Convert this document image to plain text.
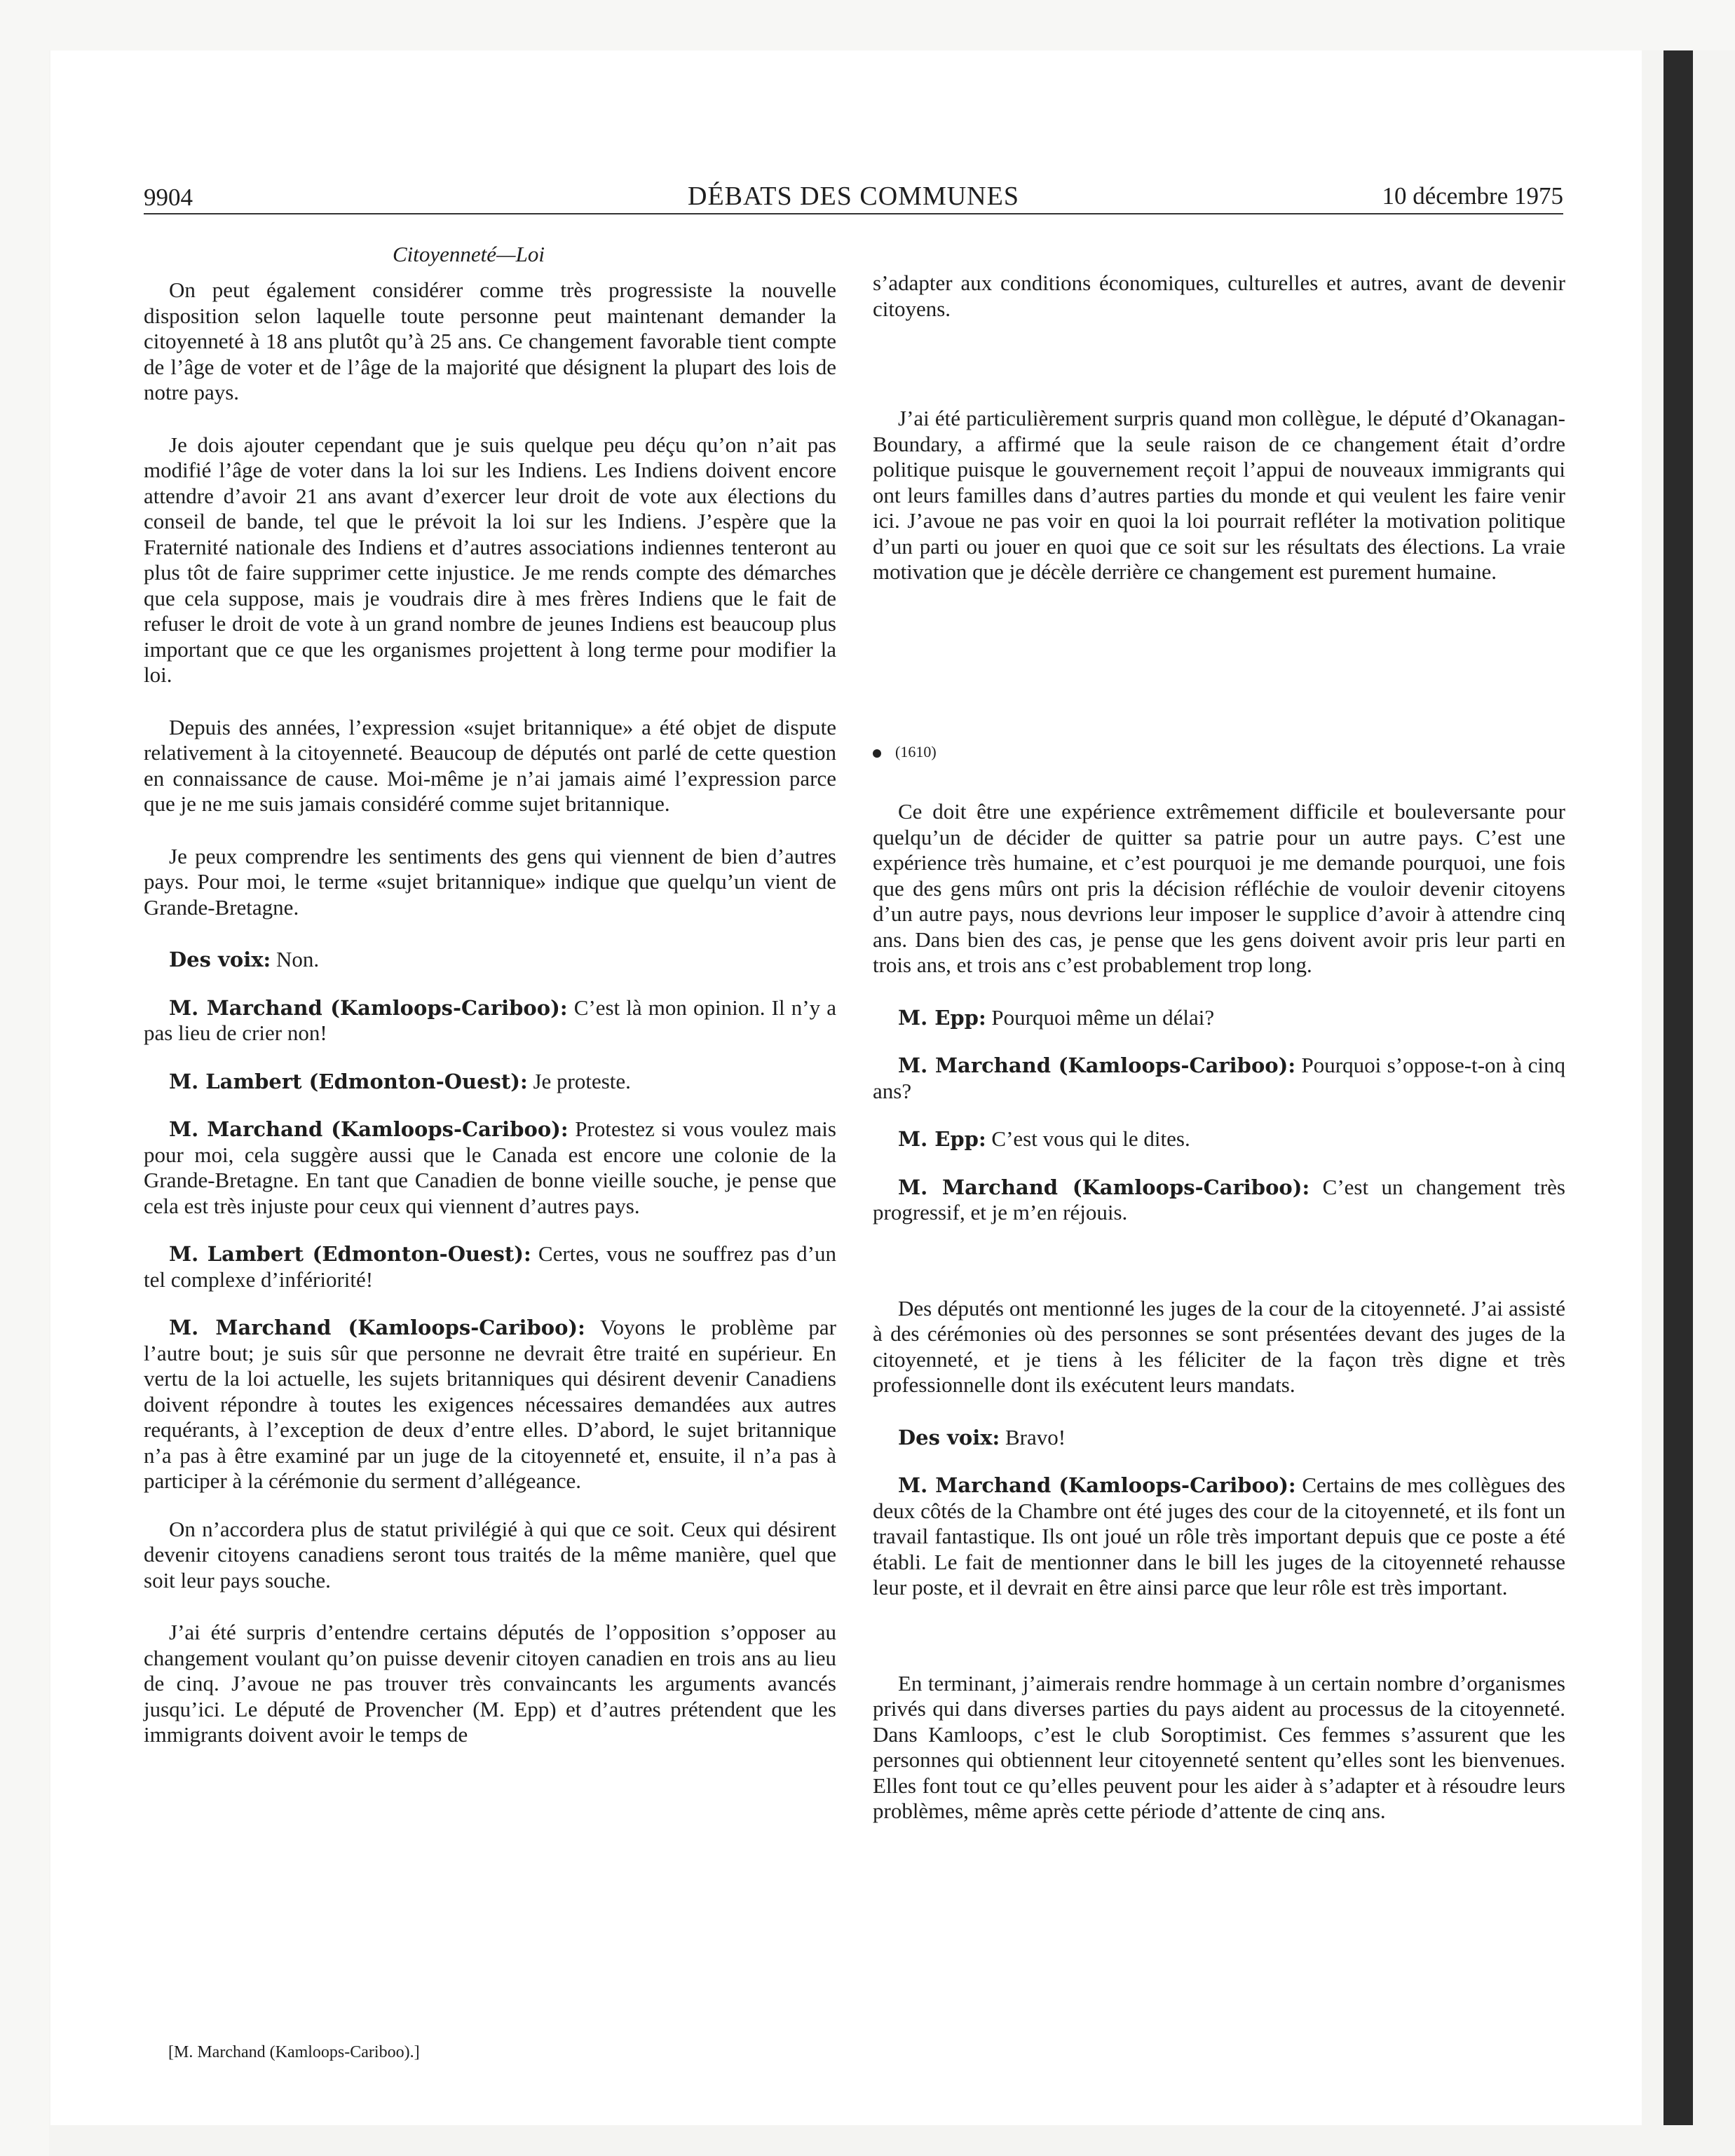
9904	DÉBATS DES COMMUNES	10 décembre 1975
Citoyenneté—Loi

On peut également considérer comme très progressiste la nouvelle disposition selon laquelle toute personne peut maintenant demander la citoyenneté à 18 ans plutôt qu’à 25 ans. Ce changement favorable tient compte de l’âge de voter et de l’âge de la majorité que désignent la plupart des lois de notre pays.

Je dois ajouter cependant que je suis quelque peu déçu qu’on n’ait pas modifié l’âge de voter dans la loi sur les Indiens. Les Indiens doivent encore attendre d’avoir 21 ans avant d’exercer leur droit de vote aux élections du conseil de bande, tel que le prévoit la loi sur les Indiens. J’espère que la Fraternité nationale des Indiens et d’autres associations indiennes tenteront au plus tôt de faire supprimer cette injustice. Je me rends compte des démarches que cela suppose, mais je voudrais dire à mes frères Indiens que le fait de refuser le droit de vote à un grand nombre de jeunes Indiens est beaucoup plus important que ce que les organismes projettent à long terme pour modifier la loi.

Depuis des années, l’expression «sujet britannique» a été objet de dispute relativement à la citoyenneté. Beaucoup de députés ont parlé de cette question en connaissance de cause. Moi-même je n’ai jamais aimé l’expression parce que je ne me suis jamais considéré comme sujet britannique.

Je peux comprendre les sentiments des gens qui viennent de bien d’autres pays. Pour moi, le terme «sujet britannique» indique que quelqu’un vient de Grande-Bretagne.

Des voix: Non.

M. Marchand (Kamloops-Cariboo): C’est là mon opinion. Il n’y a pas lieu de crier non!

M. Lambert (Edmonton-Ouest): Je proteste.

M. Marchand (Kamloops-Cariboo): Protestez si vous voulez mais pour moi, cela suggère aussi que le Canada est encore une colonie de la Grande-Bretagne. En tant que Canadien de bonne vieille souche, je pense que cela est très injuste pour ceux qui viennent d’autres pays.

M. Lambert (Edmonton-Ouest): Certes, vous ne souffrez pas d’un tel complexe d’infériorité!

M. Marchand (Kamloops-Cariboo): Voyons le problème par l’autre bout; je suis sûr que personne ne devrait être traité en supérieur. En vertu de la loi actuelle, les sujets britanniques qui désirent devenir Canadiens doivent répondre à toutes les exigences nécessaires demandées aux autres requérants, à l’exception de deux d’entre elles. D’abord, le sujet britannique n’a pas à être examiné par un juge de la citoyenneté et, ensuite, il n’a pas à participer à la cérémonie du serment d’allégeance.

On n’accordera plus de statut privilégié à qui que ce soit. Ceux qui désirent devenir citoyens canadiens seront tous traités de la même manière, quel que soit leur pays souche.

J’ai été surpris d’entendre certains députés de l’opposition s’opposer au changement voulant qu’on puisse devenir citoyen canadien en trois ans au lieu de cinq. J’avoue ne pas trouver très convaincants les arguments avancés jusqu’ici. Le député de Provencher (M. Epp) et d’autres prétendent que les immigrants doivent avoir le temps de

s’adapter aux conditions économiques, culturelles et autres, avant de devenir citoyens.

J’ai été particulièrement surpris quand mon collègue, le député d’Okanagan-Boundary, a affirmé que la seule raison de ce changement était d’ordre politique puisque le gouvernement reçoit l’appui de nouveaux immigrants qui ont leurs familles dans d’autres parties du monde et qui veulent les faire venir ici. J’avoue ne pas voir en quoi la loi pourrait refléter la motivation politique d’un parti ou jouer en quoi que ce soit sur les résultats des élections. La vraie motivation que je décèle derrière ce changement est purement humaine.

(1610)

Ce doit être une expérience extrêmement difficile et bouleversante pour quelqu’un de décider de quitter sa patrie pour un autre pays. C’est une expérience très humaine, et c’est pourquoi je me demande pourquoi, une fois que des gens mûrs ont pris la décision réfléchie de vouloir devenir citoyens d’un autre pays, nous devrions leur imposer le supplice d’avoir à attendre cinq ans. Dans bien des cas, je pense que les gens doivent avoir pris leur parti en trois ans, et trois ans c’est probablement trop long.

M. Epp: Pourquoi même un délai?

M. Marchand (Kamloops-Cariboo): Pourquoi s’oppose-t-on à cinq ans?

M. Epp: C’est vous qui le dites.

M. Marchand (Kamloops-Cariboo): C’est un changement très progressif, et je m’en réjouis.

Des députés ont mentionné les juges de la cour de la citoyenneté. J’ai assisté à des cérémonies où des personnes se sont présentées devant des juges de la citoyenneté, et je tiens à les féliciter de la façon très digne et très professionnelle dont ils exécutent leurs mandats.

Des voix: Bravo!

M. Marchand (Kamloops-Cariboo): Certains de mes collègues des deux côtés de la Chambre ont été juges des cour de la citoyenneté, et ils font un travail fantastique. Ils ont joué un rôle très important depuis que ce poste a été établi. Le fait de mentionner dans le bill les juges de la citoyenneté rehausse leur poste, et il devrait en être ainsi parce que leur rôle est très important.

En terminant, j’aimerais rendre hommage à un certain nombre d’organismes privés qui dans diverses parties du pays aident au processus de la citoyenneté. Dans Kamloops, c’est le club Soroptimist. Ces femmes s’assurent que les personnes qui obtiennent leur citoyenneté sentent qu’elles sont les bienvenues. Elles font tout ce qu’elles peuvent pour les aider à s’adapter et à résoudre leurs problèmes, même après cette période d’attente de cinq ans.

[M. Marchand (Kamloops-Cariboo).]
